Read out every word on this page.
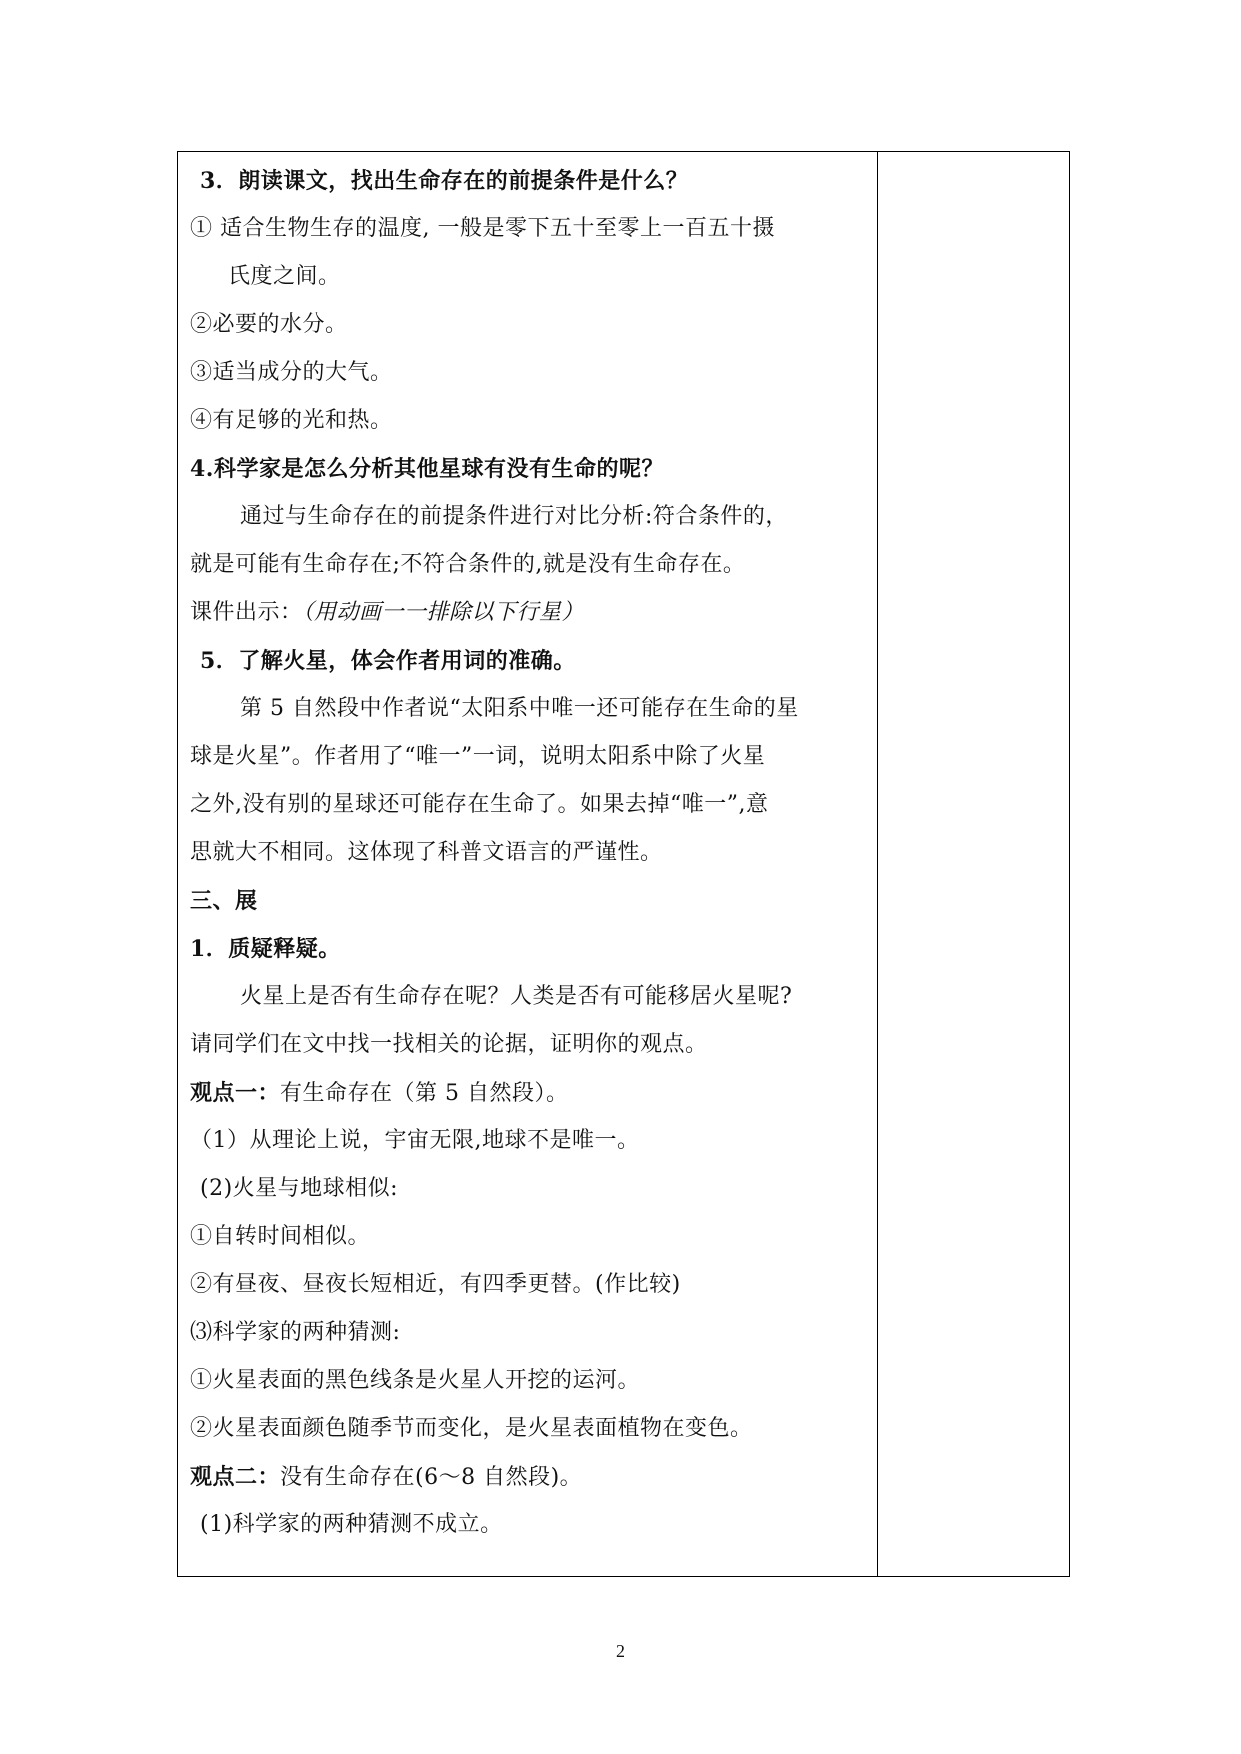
3．朗读课文，找出生命存在的前提条件是什么？
① 适合生物生存的温度, 一般是零下五十至零上一百五十摄
氏度之间。
②必要的水分。
③适当成分的大气。
④有足够的光和热。
4.科学家是怎么分析其他星球有没有生命的呢？
通过与生命存在的前提条件进行对比分析:符合条件的，
就是可能有生命存在;不符合条件的,就是没有生命存在。
课件出示：（用动画一一排除以下行星）
5．了解火星，体会作者用词的准确。
第 5 自然段中作者说“太阳系中唯一还可能存在生命的星
球是火星”。作者用了“唯一”一词，说明太阳系中除了火星
之外,没有别的星球还可能存在生命了。如果去掉“唯一”,意
思就大不相同。这体现了科普文语言的严谨性。
三、展
1．质疑释疑。
火星上是否有生命存在呢？人类是否有可能移居火星呢?
请同学们在文中找一找相关的论据，证明你的观点。
观点一：有生命存在（第 5 自然段）。
（1）从理论上说，宇宙无限,地球不是唯一。
(2)火星与地球相似:
①自转时间相似。
②有昼夜、昼夜长短相近，有四季更替。(作比较)
⑶科学家的两种猜测:
①火星表面的黑色线条是火星人开挖的运河。
②火星表面颜色随季节而变化，是火星表面植物在变色。
观点二：没有生命存在(6～8 自然段)。
(1)科学家的两种猜测不成立。
2
